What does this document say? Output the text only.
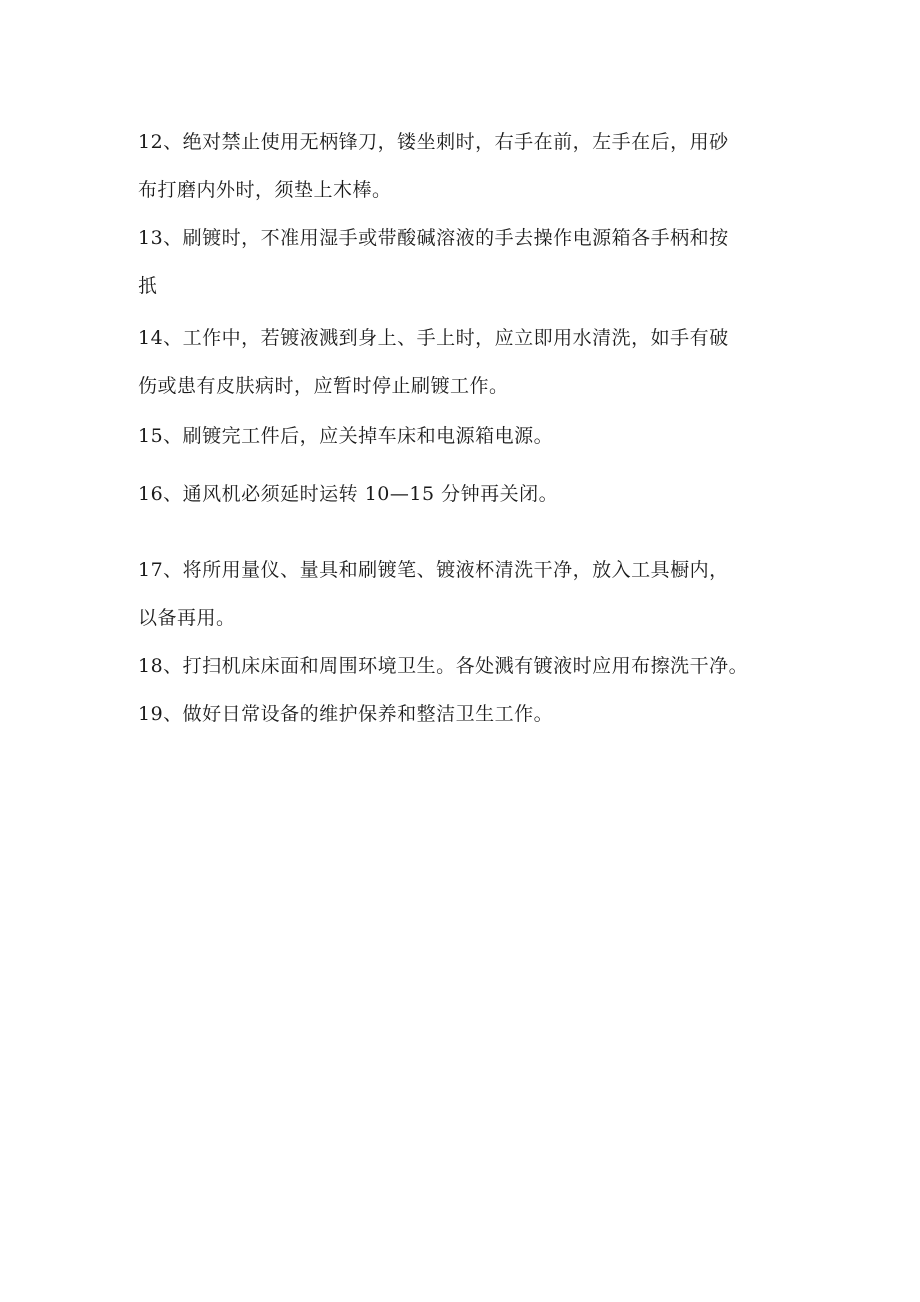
12、绝对禁止使用无柄锋刀，镂坐刺时，右手在前，左手在后，用砂
布打磨内外时，须垫上木棒。

13、刷镀时，不准用湿手或带酸碱溶液的手去操作电源箱各手柄和按
扺

14、工作中，若镀液溅到身上、手上时，应立即用水清洗，如手有破
伤或患有皮肤病时，应暂时停止刷镀工作。

15、刷镀完工件后，应关掉车床和电源箱电源。

16、通风机必须延时运转 10—15 分钟再关闭。

17、将所用量仪、量具和刷镀笔、镀液杯清洗干净，放入工具橱内，
以备再用。

18、打扫机床床面和周围环境卫生。各处溅有镀液时应用布擦洗干净。

19、做好日常设备的维护保养和整洁卫生工作。
